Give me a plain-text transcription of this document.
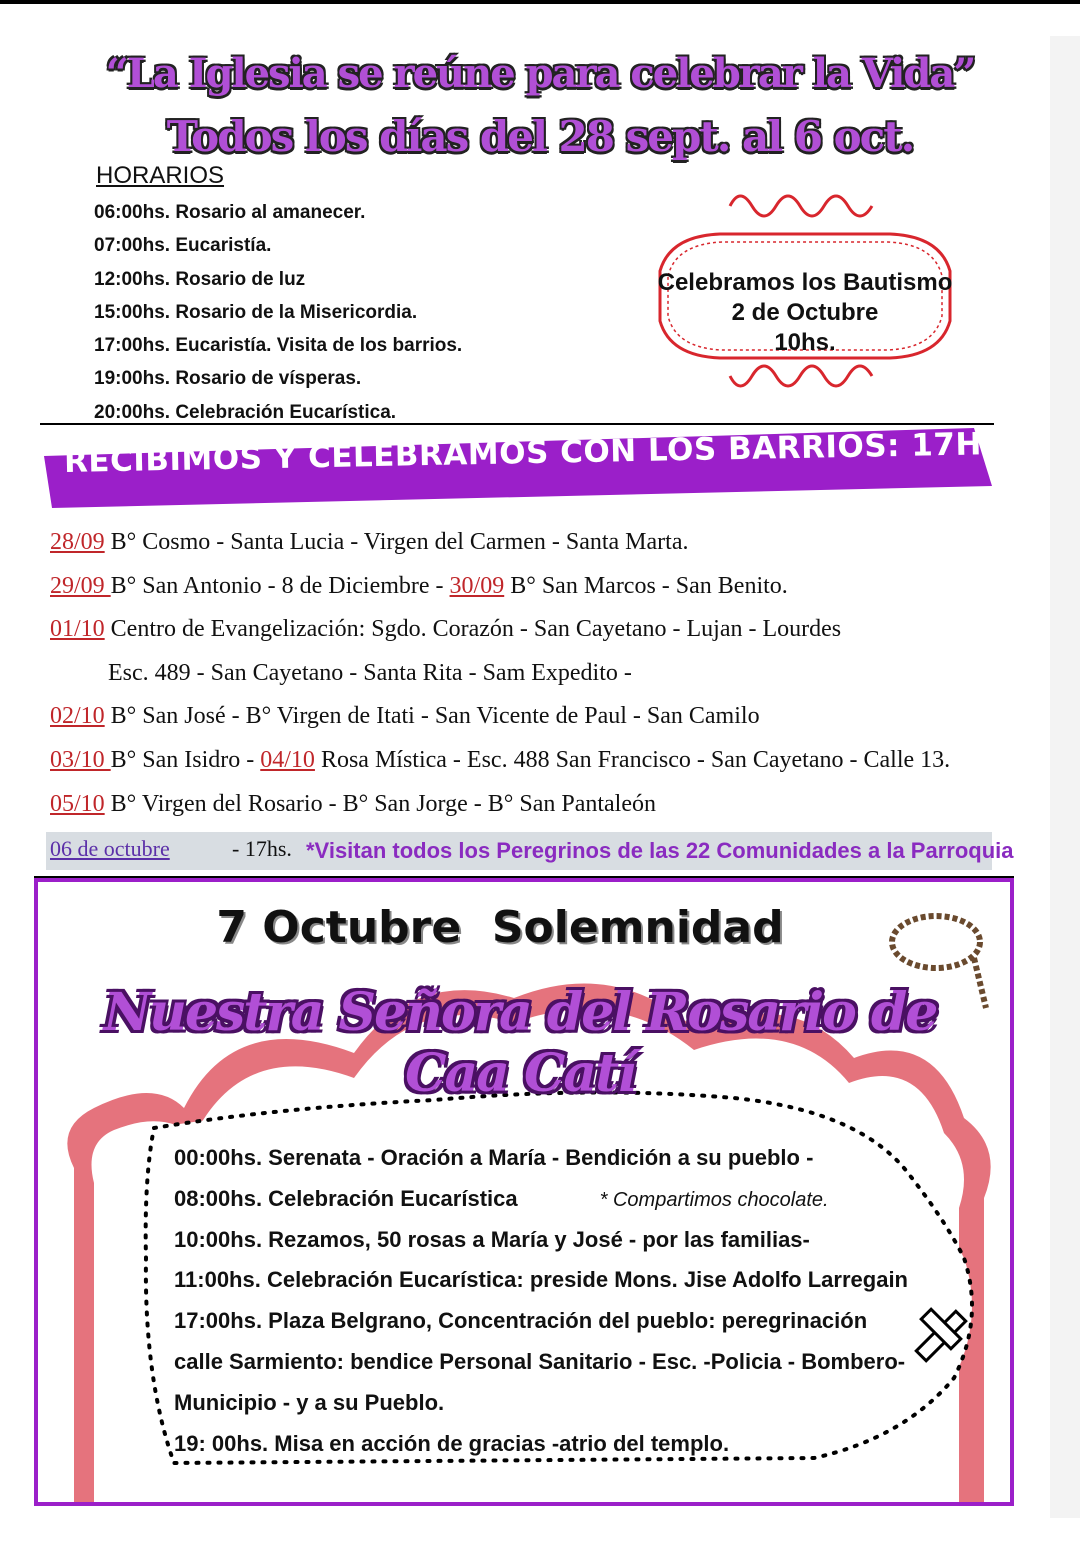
“La Iglesia se reúne para celebrar la Vida”
Todos los días del 28 sept. al 6 oct.
HORARIOS
06:00hs. Rosario al amanecer.
07:00hs. Eucaristía.
12:00hs. Rosario de luz
15:00hs. Rosario de la Misericordia.
17:00hs. Eucaristía. Visita de los barrios.
19:00hs. Rosario de vísperas.
20:00hs. Celebración Eucarística.
Celebramos los Bautismo
2 de Octubre
10hs.
RECIBIMOS Y CELEBRAMOS CON LOS BARRIOS: 17HS.
28/09 B° Cosmo - Santa Lucia - Virgen del Carmen - Santa Marta.
29/09 B° San Antonio - 8 de Diciembre - 30/09 B° San Marcos - San Benito.
01/10 Centro de Evangelización: Sgdo. Corazón - San Cayetano - Lujan - Lourdes
Esc. 489 - San Cayetano - Santa Rita - Sam Expedito -
02/10 B° San José - B° Virgen de Itati - San Vicente de Paul - San Camilo
03/10 B° San Isidro - 04/10 Rosa Mística - Esc. 488 San Francisco - San Cayetano - Calle 13.
05/10 B° Virgen del Rosario - B° San Jorge - B° San Pantaleón
06 de octubre	- 17hs. *Visitan todos los Peregrinos de las 22 Comunidades a la Parroquia
7 Octubre  Solemnidad
Nuestra Señora del Rosario de Caa Catí
00:00hs. Serenata - Oración a María - Bendición a su pueblo -
08:00hs. Celebración Eucarística	* Compartimos chocolate.
10:00hs. Rezamos, 50 rosas a María y José - por las familias-
11:00hs. Celebración Eucarística: preside Mons. Jise Adolfo Larregain
17:00hs. Plaza Belgrano, Concentración del pueblo: peregrinación
calle Sarmiento: bendice Personal Sanitario - Esc. -Policia - Bombero-
Municipio - y a su Pueblo.
19: 00hs. Misa en acción de gracias -atrio del templo.
